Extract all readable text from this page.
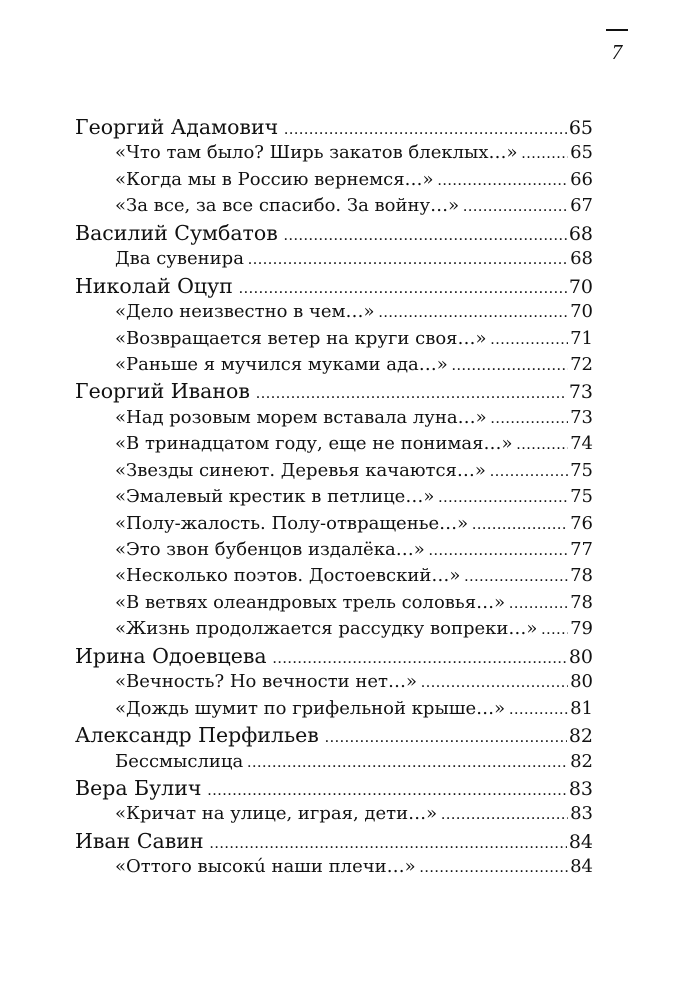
7
Георгий Адамович .....	65
«Что там было? Ширь закатов блеклых…» .....	65
«Когда мы в Россию вернемся…» .....	66
«За все, за все спасибо. За войну…» .....	67
Василий Сумбатов .....	68
Два сувенира .....	68
Николай Оцуп .....	70
«Дело неизвестно в чем…» .....	70
«Возвращается ветер на круги своя…» .....	71
«Раньше я мучился муками ада…» .....	72
Георгий Иванов .....	73
«Над розовым морем вставала луна…» .....	73
«В тринадцатом году, еще не понимая…» .....	74
«Звезды синеют. Деревья качаются…» .....	75
«Эмалевый крестик в петлице…» .....	75
«Полу-жалость. Полу-отвращенье…» .....	76
«Это звон бубенцов издалёка…» .....	77
«Несколько поэтов. Достоевский…» .....	78
«В ветвях олеандровых трель соловья…» .....	78
«Жизнь продолжается рассудку вопреки…» ..... 79
Ирина Одоевцева .....	80
«Вечность? Но вечности нет…» .....	80
«Дождь шумит по грифельной крыше…» .....	81
Александр Перфильев .....	82
Бессмыслица .....	82
Вера Булич .....	83
«Кричат на улице, играя, дети…» .....	83
Иван Савин .....	84
«Оттого высокú наши плечи…» .....	84
